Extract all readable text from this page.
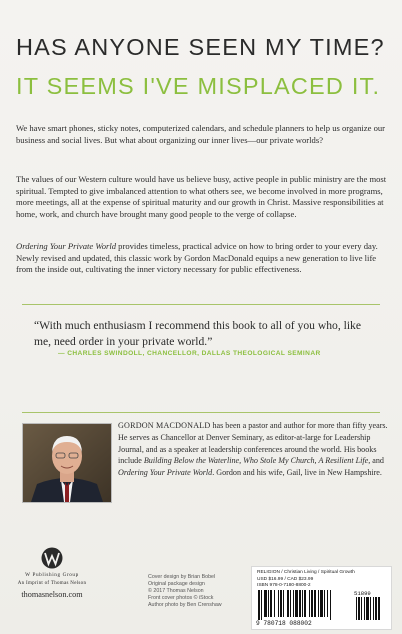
HAS ANYONE SEEN MY TIME?
IT SEEMS I'VE MISPLACED IT.
We have smart phones, sticky notes, computerized calendars, and schedule planners to help us organize our business and social lives. But what about organizing our inner lives—our private worlds?
The values of our Western culture would have us believe busy, active people in public ministry are the most spiritual. Tempted to give imbalanced attention to what others see, we become involved in more programs, more meetings, all at the expense of spiritual maturity and our growth in Christ. Massive responsibilities at home, work, and church have brought many good people to the verge of collapse.
Ordering Your Private World provides timeless, practical advice on how to bring order to your every day. Newly revised and updated, this classic work by Gordon MacDonald equips a new generation to live life from the inside out, cultivating the inner victory necessary for public effectiveness.
“With much enthusiasm I recommend this book to all of you who, like me, need order in your private world.”
— CHARLES SWINDOLL, CHANCELLOR, DALLAS THEOLOGICAL SEMINAR
GORDON MACDONALD has been a pastor and author for more than fifty years. He serves as Chancellor at Denver Seminary, as editor-at-large for Leadership Journal, and as a speaker at leadership conferences around the world. His books include Building Below the Waterline, Who Stole My Church, A Resilient Life, and Ordering Your Private World. Gordon and his wife, Gail, live in New Hampshire.
W Publishing Group
An Imprint of Thomas Nelson
thomasnelson.com
Cover design by Brian Bobel
Original package design
© 2017 Thomas Nelson
Front cover photos © iStock
Author photo by Ben Crenshaw
RELIGION / Christian Living / Spiritual Growth
USD $16.99 / CAD $23.99
ISBN 978-0-7180-8800-2
51899
9 780718 088002
